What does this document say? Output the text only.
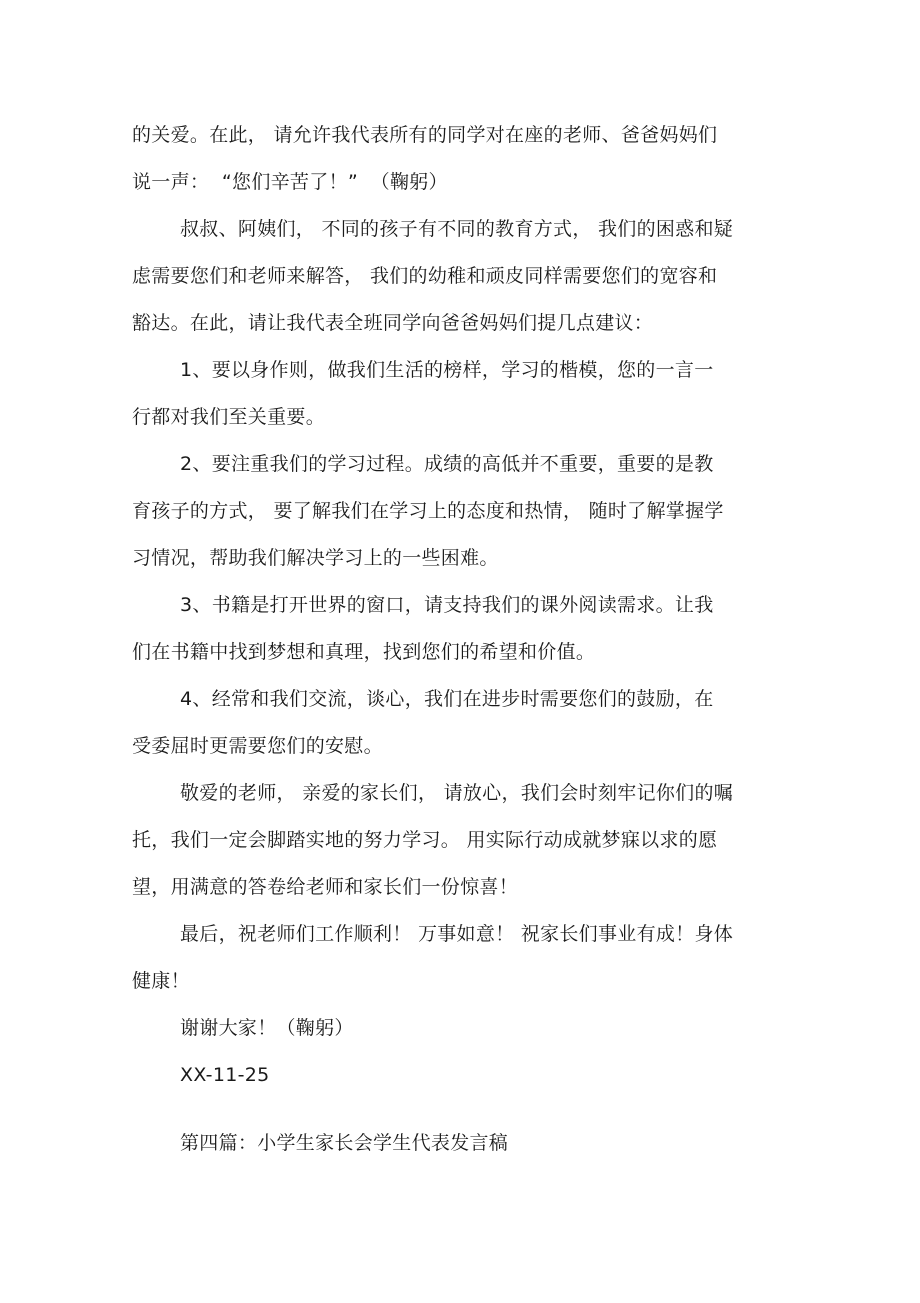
的关爱。在此， 请允许我代表所有的同学对在座的老师、爸爸妈妈们
说一声：  “您们辛苦了！”  （鞠躬）
叔叔、阿姨们， 不同的孩子有不同的教育方式， 我们的困惑和疑
虑需要您们和老师来解答， 我们的幼稚和顽皮同样需要您们的宽容和
豁达。在此，请让我代表全班同学向爸爸妈妈们提几点建议：
1、要以身作则，做我们生活的榜样，学习的楷模，您的一言一
行都对我们至关重要。
2、要注重我们的学习过程。成绩的高低并不重要，重要的是教
育孩子的方式， 要了解我们在学习上的态度和热情， 随时了解掌握学
习情况，帮助我们解决学习上的一些困难。
3、书籍是打开世界的窗口，请支持我们的课外阅读需求。让我
们在书籍中找到梦想和真理，找到您们的希望和价值。
4、经常和我们交流，谈心，我们在进步时需要您们的鼓励，在
受委屈时更需要您们的安慰。
敬爱的老师， 亲爱的家长们， 请放心，我们会时刻牢记你们的嘱
托，我们一定会脚踏实地的努力学习。 用实际行动成就梦寐以求的愿
望，用满意的答卷给老师和家长们一份惊喜！
最后，祝老师们工作顺利！ 万事如意！ 祝家长们事业有成！身体
健康！
谢谢大家！（鞠躬）
XX-11-25
第四篇：小学生家长会学生代表发言稿
